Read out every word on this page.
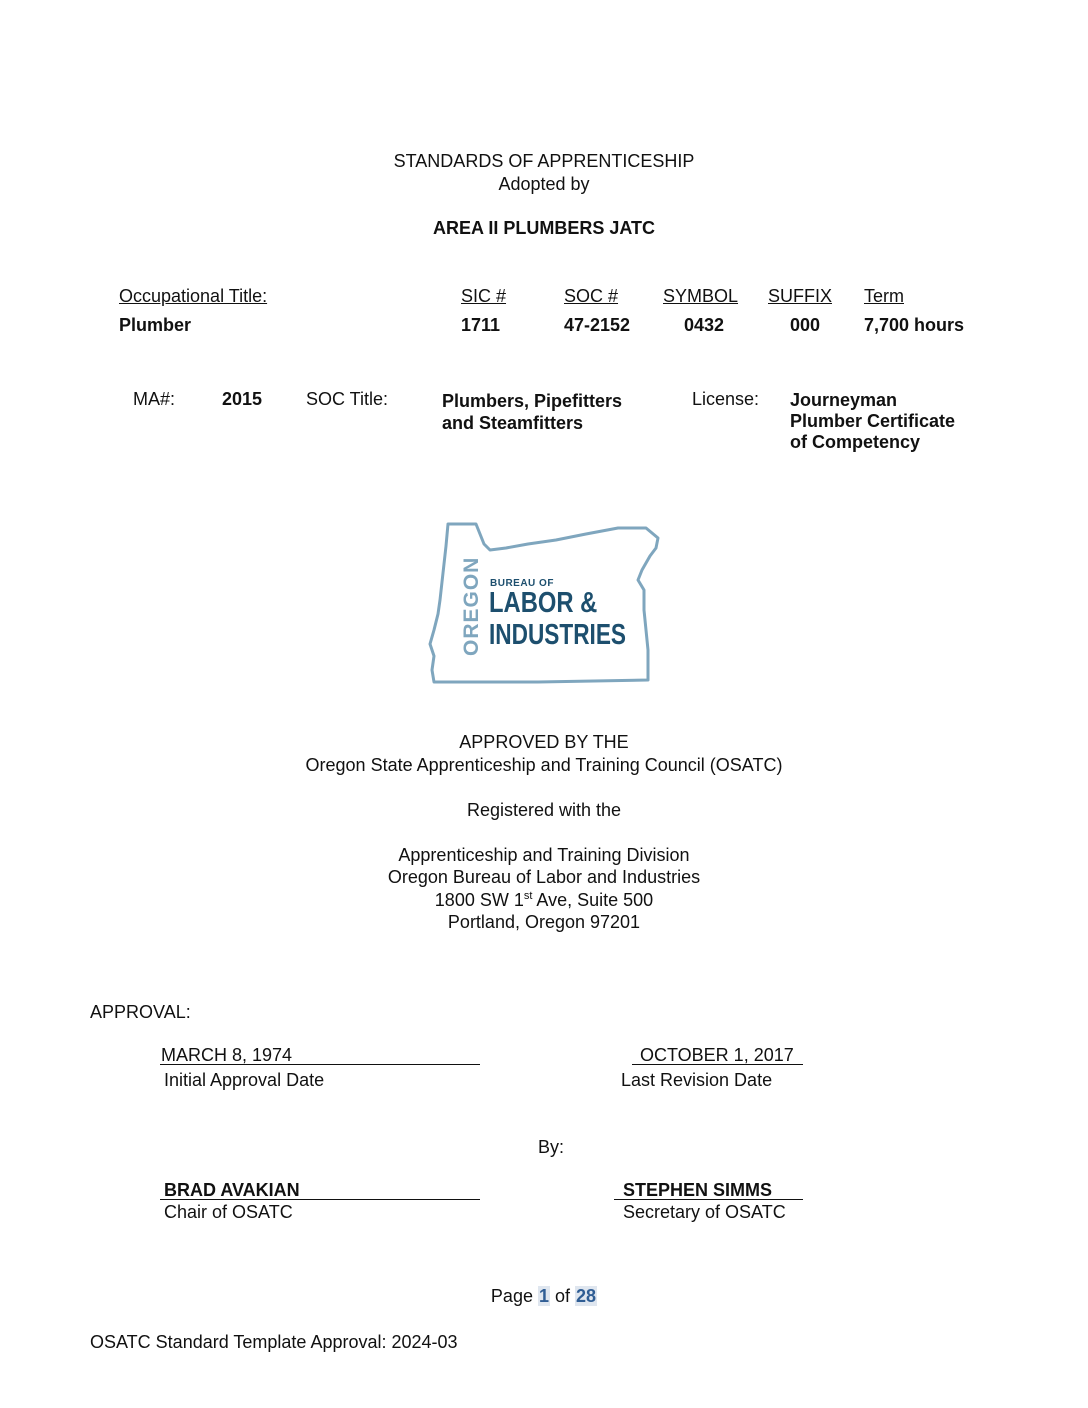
STANDARDS OF APPRENTICESHIP
Adopted by
AREA II PLUMBERS JATC
Occupational Title:	SIC #	SOC # SYMBOL SUFFIX Term
Plumber	1711	47-2152	0432	000 7,700 hours
MA#:	2015 SOC Title:	Plumbers, Pipefitters
and Steamfitters
License: Journeyman
Plumber Certificate
of Competency
OREGON BUREAU OF
LABOR &
INDUSTRIES
APPROVED BY THE
Oregon State Apprenticeship and Training Council (OSATC)
Registered with the
Apprenticeship and Training Division
Oregon Bureau of Labor and Industries
1800 SW 1st Ave, Suite 500
Portland, Oregon 97201
APPROVAL:
MARCH 8, 1974
Initial Approval Date
OCTOBER 1, 2017
Last Revision Date
By:
BRAD AVAKIAN
Chair of OSATC
STEPHEN SIMMS
Secretary of OSATC
Page 1 of 28
OSATC Standard Template Approval: 2024-03
